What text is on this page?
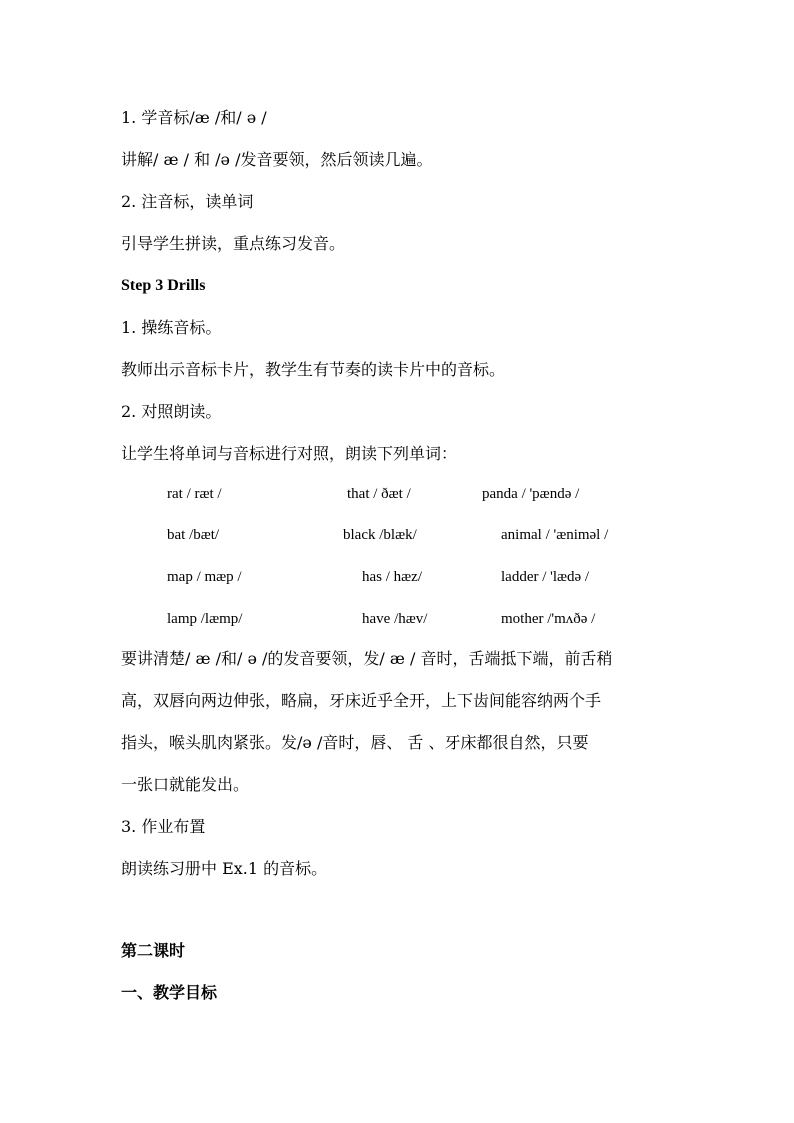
1. 学音标/æ /和/ ə /
讲解/ æ / 和 /ə /发音要领，然后领读几遍。
2. 注音标，读单词
引导学生拼读，重点练习发音。
Step 3 Drills
1. 操练音标。
教师出示音标卡片，教学生有节奏的读卡片中的音标。
2. 对照朗读。
让学生将单词与音标进行对照，朗读下列单词：
rat / ræt /	that / ðæt /	panda / 'pændə /
bat /bæt/	black /blæk/	animal / 'ænimәl /
map / mæp /	has / hæz/	ladder / 'lædə /
lamp /læmp/	have /hæv/	mother /'mʌðə /
要讲清楚/ æ /和/ ə /的发音要领，发/ æ / 音时，舌端抵下端，前舌稍
高，双唇向两边伸张，略扁，牙床近乎全开，上下齿间能容纳两个手
指头，喉头肌肉紧张。发/ə /音时，唇、 舌 、牙床都很自然，只要
一张口就能发出。
3. 作业布置
朗读练习册中 Ex.1 的音标。
第二课时
一、教学目标
